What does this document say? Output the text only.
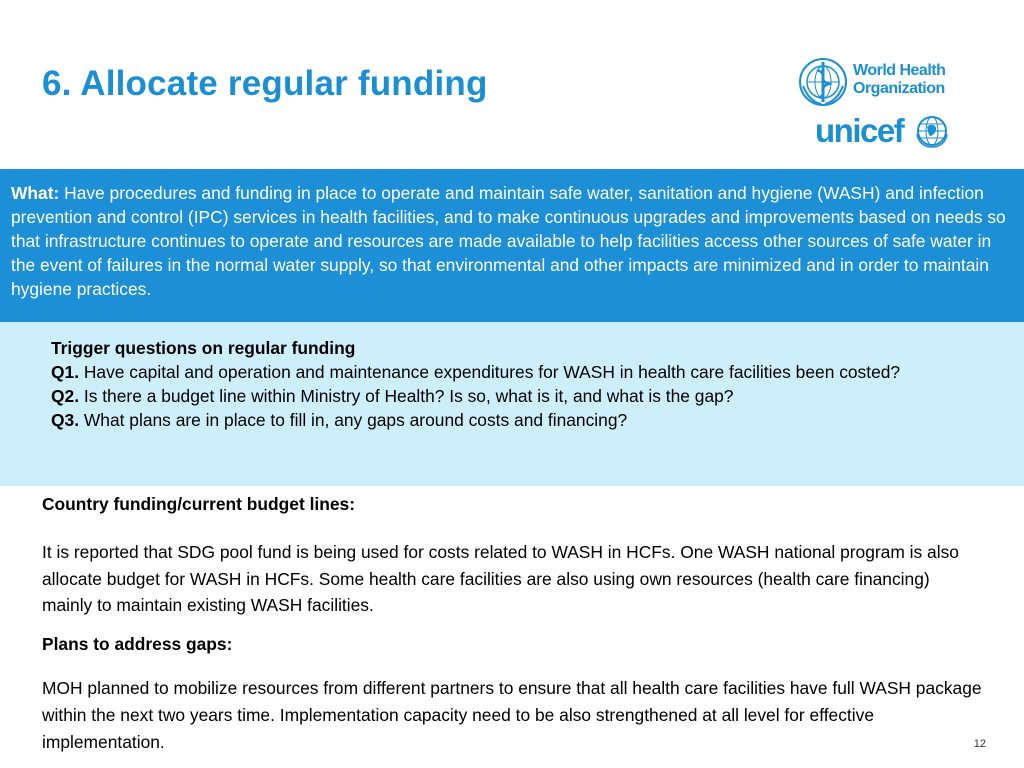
6. Allocate regular funding	World Health
Organization
unicef
What: Have procedures and funding in place to operate and maintain safe water, sanitation and hygiene (WASH) and infection prevention and control (IPC) services in health facilities, and to make continuous upgrades and improvements based on needs so that infrastructure continues to operate and resources are made available to help facilities access other sources of safe water in the event of failures in the normal water supply, so that environmental and other impacts are minimized and in order to maintain hygiene practices.
Trigger questions on regular funding
Q1. Have capital and operation and maintenance expenditures for WASH in health care facilities been costed?
Q2. Is there a budget line within Ministry of Health? Is so, what is it, and what is the gap?
Q3. What plans are in place to fill in, any gaps around costs and financing?
Country funding/current budget lines:
It is reported that SDG pool fund is being used for costs related to WASH in HCFs. One WASH national program is also allocate budget for WASH in HCFs. Some health care facilities are also using own resources (health care financing) mainly to maintain existing WASH facilities.
Plans to address gaps:
MOH planned to mobilize resources from different partners to ensure that all health care facilities have full WASH package within the next two years time. Implementation capacity need to be also strengthened at all level for effective implementation.	12
